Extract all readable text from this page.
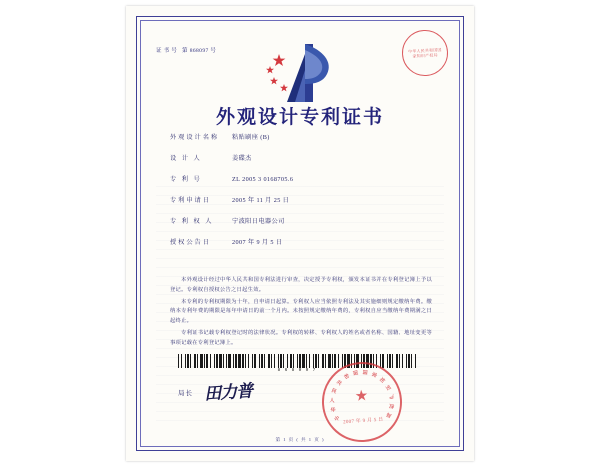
证 书 号 第 868097 号	中华人民共和国国家知识产权局
外观设计专利证书
外观设计名称	粘贴刷座 (B)
设 计 人	姜碟杰
专 利 号	ZL 2005 3 0168705.6
专利申请日	2005 年 11 月 25 日
专 利 权 人	宁波阳日电器公司
授权公告日	2007 年 9 月 5 日

本外观设计经过中华人民共和国专利法进行审查，决定授予专利权，颁发本证书并在专利登记簿上予以登记。专利权自授权公告之日起生效。

本专利的专利权期限为十年，自申请日起算。专利权人应当依照专利法及其实施细则规定缴纳年费。缴纳本专利年费的期限是每年申请日的前一个月内。未按照规定缴纳年费的，专利权自应当缴纳年费期满之日起终止。

专利证书记载专利权登记时的法律状况。专利权的转移、专利权人的姓名或者名称、国籍、地址变更等事项记载在专利登记簿上。

8 6 8 0 9 7
局长 田力普
中
华
人
民
共
和
国 国 家
知
识
产
权
局
★
2007 年 9 月 5 日
第 1 页 ( 共 1 页 )
